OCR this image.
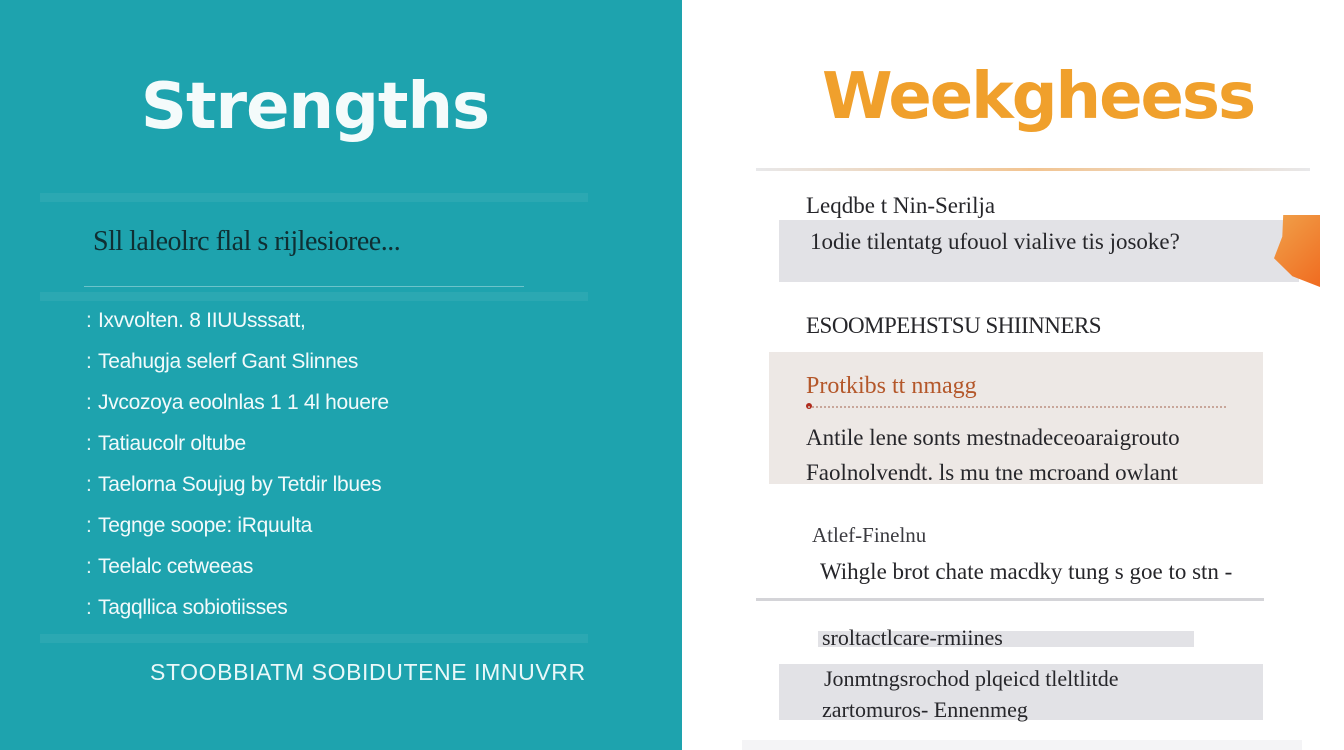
Strengths
Sll laleolrc flal s rijlesioree...
: Ixvvolten. 8 IIUUsssatt,
: Teahugja selerf Gant Slinnes
: Jvcozoya eoolnlas 1 1 4l houere
: Tatiaucolr oltube
: Taelorna Soujug by Tetdir lbues
: Tegnge soope: iRquulta
: Teelalc cetweeas
: Tagqllica sobiotiisses
STOOBBIATM SOBIDUTENE IMNUVRR
Weekgheess
Leqdbe t Nin-Serilja
1odie tilentatg ufouol vialive tis josoke?
ESOOMPEHSTSU SHIINNERS
Protkibs tt nmagg
Antile lene sonts mestnadeceoaraigrouto
Faolnolvendt. ls mu tne mcroand owlant
Atlef-Finelnu
Wihgle brot chate macdky tung s goe to stn -
sroltactlcare-rmiines
Jonmtngsrochod plqeicd tleltlitde
zartomuros- Ennenmeg
